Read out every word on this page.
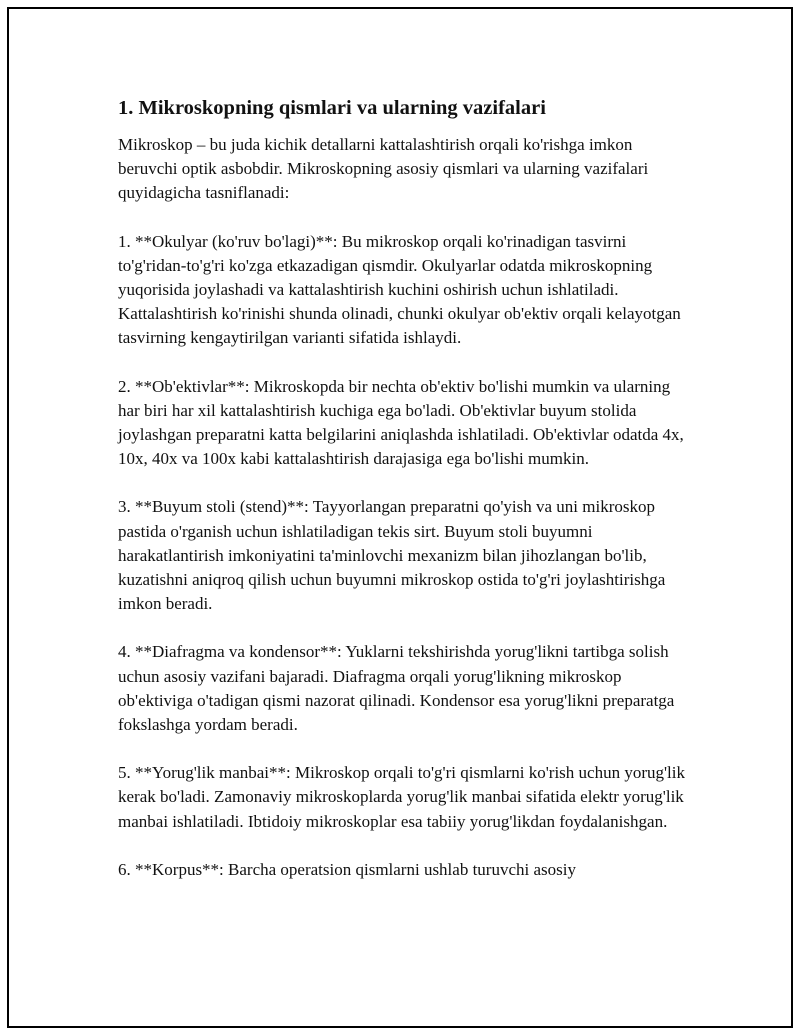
1. Mikroskopning qismlari va ularning vazifalari

Mikroskop – bu juda kichik detallarni kattalashtirish orqali ko'rishga imkon beruvchi optik asbobdir. Mikroskopning asosiy qismlari va ularning vazifalari quyidagicha tasniflanadi:

1. **Okulyar (ko'ruv bo'lagi)**: Bu mikroskop orqali ko'rinadigan tasvirni to'g'ridan-to'g'ri ko'zga etkazadigan qismdir. Okulyarlar odatda mikroskopning yuqorisida joylashadi va kattalashtirish kuchini oshirish uchun ishlatiladi. Kattalashtirish ko'rinishi shunda olinadi, chunki okulyar ob'ektiv orqali kelayotgan tasvirning kengaytirilgan varianti sifatida ishlaydi.

2. **Ob'ektivlar**: Mikroskopda bir nechta ob'ektiv bo'lishi mumkin va ularning har biri har xil kattalashtirish kuchiga ega bo'ladi. Ob'ektivlar buyum stolida joylashgan preparatni katta belgilarini aniqlashda ishlatiladi. Ob'ektivlar odatda 4x, 10x, 40x va 100x kabi kattalashtirish darajasiga ega bo'lishi mumkin.

3. **Buyum stoli (stend)**: Tayyorlangan preparatni qo'yish va uni mikroskop pastida o'rganish uchun ishlatiladigan tekis sirt. Buyum stoli buyumni harakatlantirish imkoniyatini ta'minlovchi mexanizm bilan jihozlangan bo'lib, kuzatishni aniqroq qilish uchun buyumni mikroskop ostida to'g'ri joylashtirishga imkon beradi.

4. **Diafragma va kondensor**: Yuklarni tekshirishda yorug'likni tartibga solish uchun asosiy vazifani bajaradi. Diafragma orqali yorug'likning mikroskop ob'ektiviga o'tadigan qismi nazorat qilinadi. Kondensor esa yorug'likni preparatga fokslashga yordam beradi.

5. **Yorug'lik manbai**: Mikroskop orqali to'g'ri qismlarni ko'rish uchun yorug'lik kerak bo'ladi. Zamonaviy mikroskoplarda yorug'lik manbai sifatida elektr yorug'lik manbai ishlatiladi. Ibtidoiy mikroskoplar esa tabiiy yorug'likdan foydalanishgan.

6. **Korpus**: Barcha operatsion qismlarni ushlab turuvchi asosiy
